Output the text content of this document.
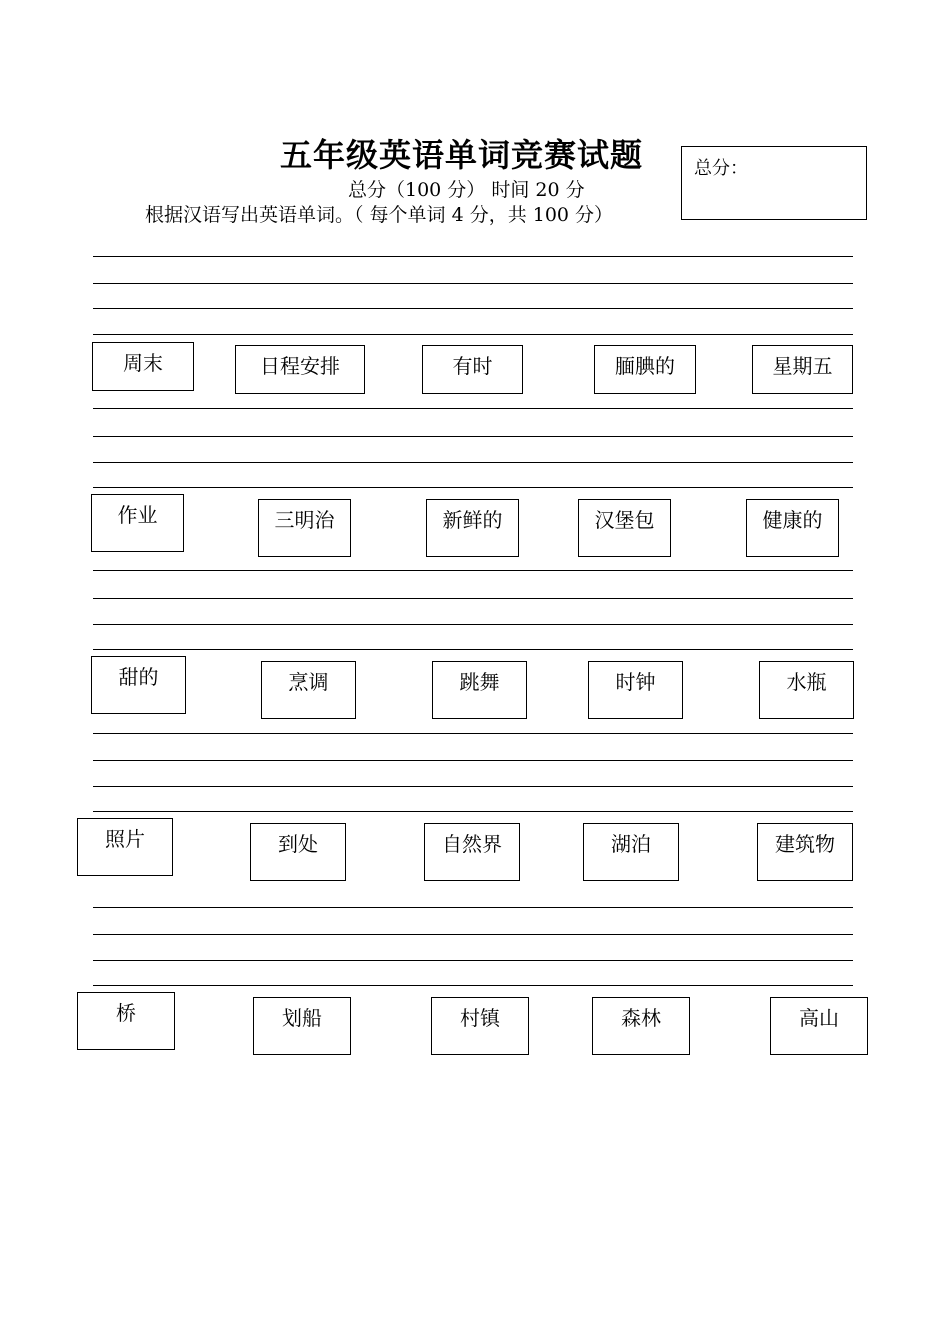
五年级英语单词竞赛试题
总分（100 分） 时间 20 分
根据汉语写出英语单词。（ 每个单词 4 分，共 100 分）
总分：
周末	日程安排	有时	腼腆的	星期五
作业	三明治	新鲜的	汉堡包	健康的
甜的	烹调	跳舞	时钟	水瓶
照片	到处	自然界	湖泊	建筑物
桥	划船	村镇	森林	高山
